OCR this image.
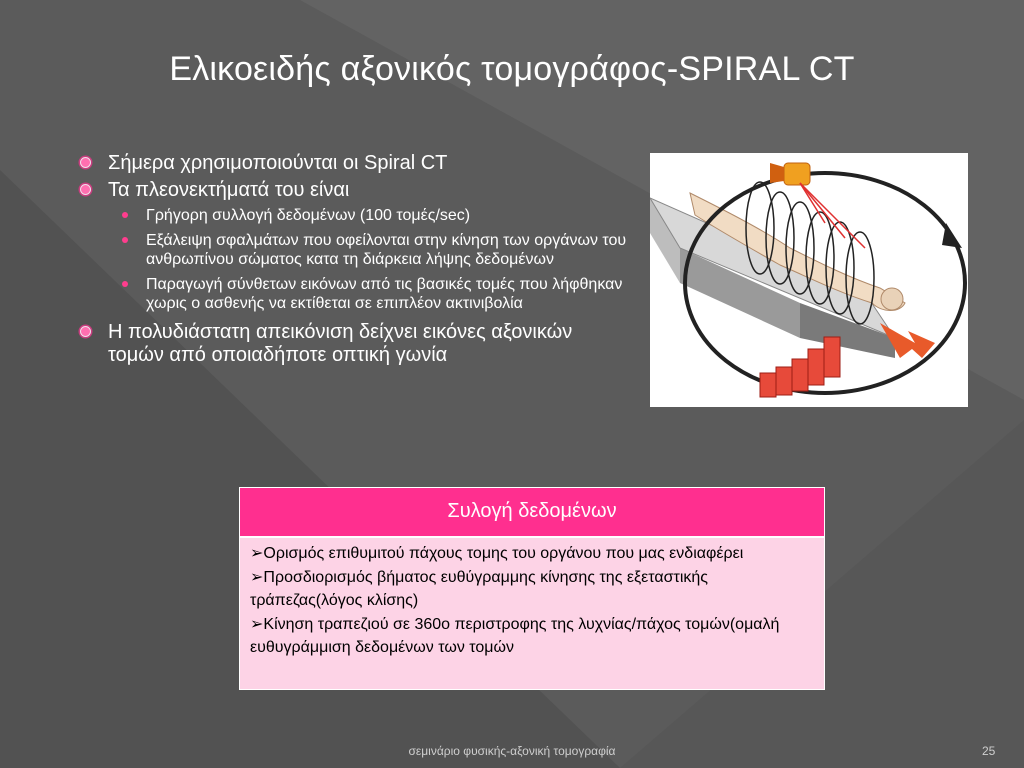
Ελικοειδής αξονικός τομογράφος-SPIRAL CT
Σήμερα χρησιμοποιούνται οι Spiral CT
Τα πλεονεκτήματά του είναι
Γρήγορη συλλογή δεδομένων (100 τομές/sec)
Εξάλειψη σφαλμάτων που οφείλονται στην κίνηση των οργάνων του ανθρωπίνου σώματος κατα τη διάρκεια λήψης δεδομένων
Παραγωγή σύνθετων εικόνων από τις βασικές τομές που λήφθηκαν χωρις ο ασθενής να εκτίθεται σε επιπλέον ακτινιβολία
Η πολυδιάστατη απεικόνιση δείχνει εικόνες αξονικών τομών από οποιαδήποτε οπτική γωνία
Συλογή δεδομένων

➢Ορισμός επιθυμιτού πάχους τομης του οργάνου που μας ενδιαφέρει

➢Προσδιορισμός βήματος ευθύγραμμης κίνησης της εξεταστικής τράπεζας(λόγος κλίσης)

➢Κίνηση τραπεζιού σε 360ο περιστροφης της λυχνίας/πάχος τομών(ομαλή ευθυγράμμιση δεδομένων των τομών

σεμινάριο φυσικής-αξονική τομογραφία	25
